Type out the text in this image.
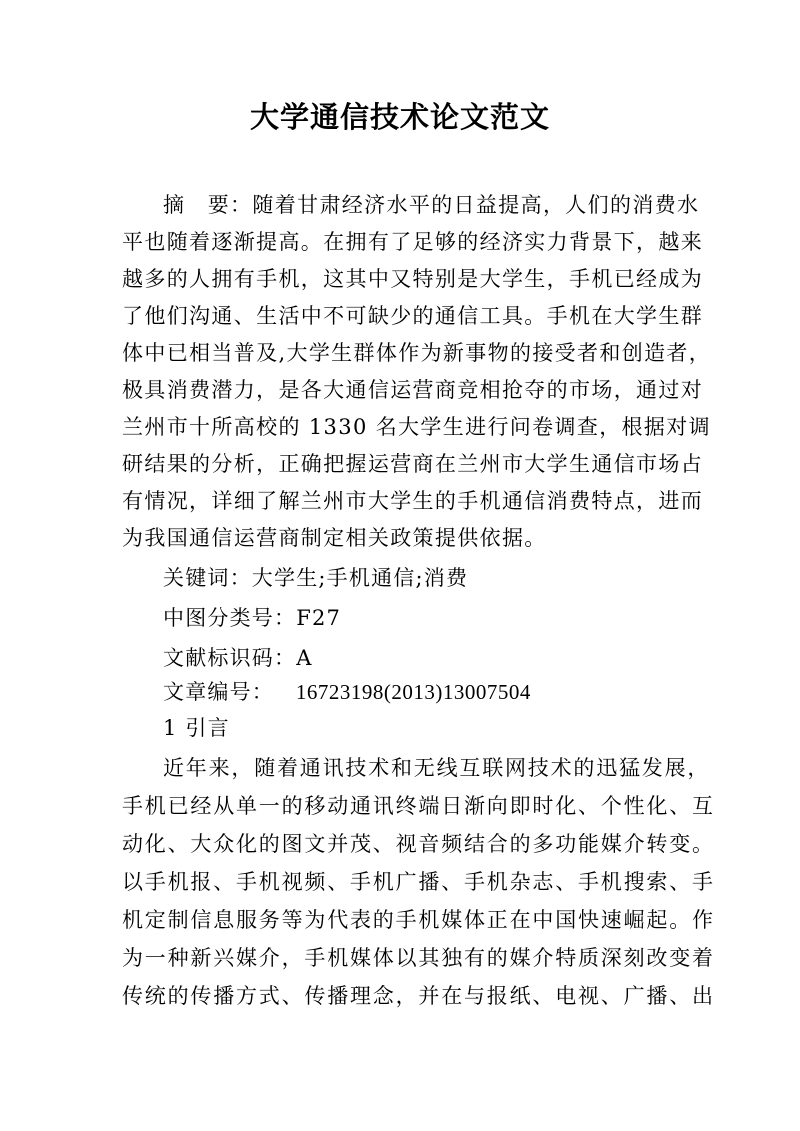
大学通信技术论文范文
摘　要：随着甘肃经济水平的日益提高，人们的消费水
平也随着逐渐提高。在拥有了足够的经济实力背景下，越来
越多的人拥有手机，这其中又特别是大学生，手机已经成为
了他们沟通、生活中不可缺少的通信工具。手机在大学生群
体中已相当普及,大学生群体作为新事物的接受者和创造者，
极具消费潜力，是各大通信运营商竞相抢夺的市场，通过对
兰州市十所高校的 1330 名大学生进行问卷调查，根据对调
研结果的分析，正确把握运营商在兰州市大学生通信市场占
有情况，详细了解兰州市大学生的手机通信消费特点，进而
为我国通信运营商制定相关政策提供依据。
关键词：大学生;手机通信;消费
中图分类号：F27
文献标识码：A
文章编号： 16723198(2013)13007504
1 引言
近年来，随着通讯技术和无线互联网技术的迅猛发展，
手机已经从单一的移动通讯终端日渐向即时化、个性化、互
动化、大众化的图文并茂、视音频结合的多功能媒介转变。
以手机报、手机视频、手机广播、手机杂志、手机搜索、手
机定制信息服务等为代表的手机媒体正在中国快速崛起。作
为一种新兴媒介，手机媒体以其独有的媒介特质深刻改变着
传统的传播方式、传播理念，并在与报纸、电视、广播、出
